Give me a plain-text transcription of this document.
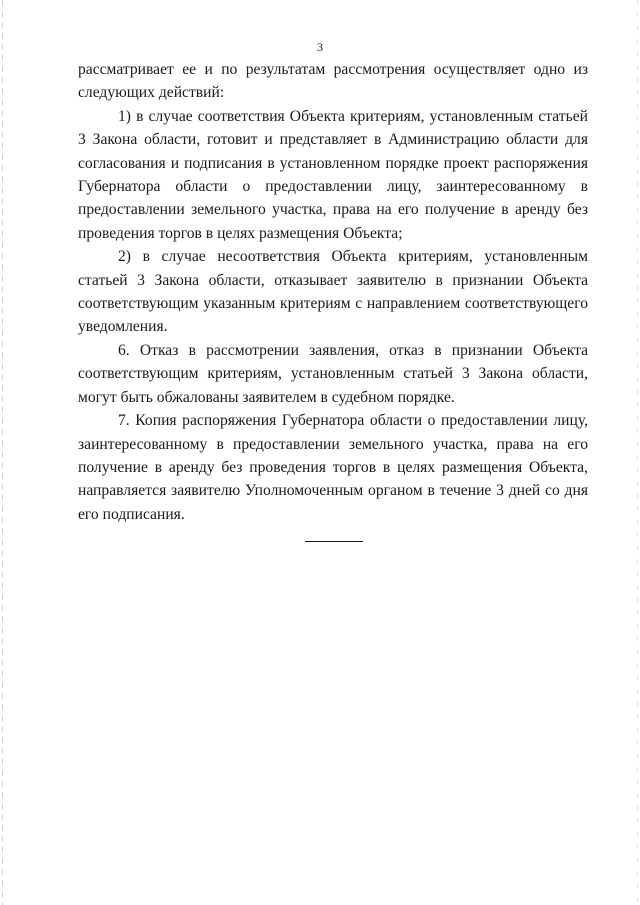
3

рассматривает ее и по результатам рассмотрения осуществляет одно из следующих действий:

1) в случае соответствия Объекта критериям, установленным статьей 3 Закона области, готовит и представляет в Администрацию области для согласования и подписания в установленном порядке проект распоряжения Губернатора области о предоставлении лицу, заинтересованному в предоставлении земельного участка, права на его получение в аренду без проведения торгов в целях размещения Объекта;

2) в случае несоответствия Объекта критериям, установленным статьей 3 Закона области, отказывает заявителю в признании Объекта соответствующим указанным критериям с направлением соответствующего уведомления.

6. Отказ в рассмотрении заявления, отказ в признании Объекта соответствующим критериям, установленным статьей 3 Закона области, могут быть обжалованы заявителем в судебном порядке.

7. Копия распоряжения Губернатора области о предоставлении лицу, заинтересованному в предоставлении земельного участка, права на его получение в аренду без проведения торгов в целях размещения Объекта, направляется заявителю Уполномоченным органом в течение 3 дней со дня его подписания.
